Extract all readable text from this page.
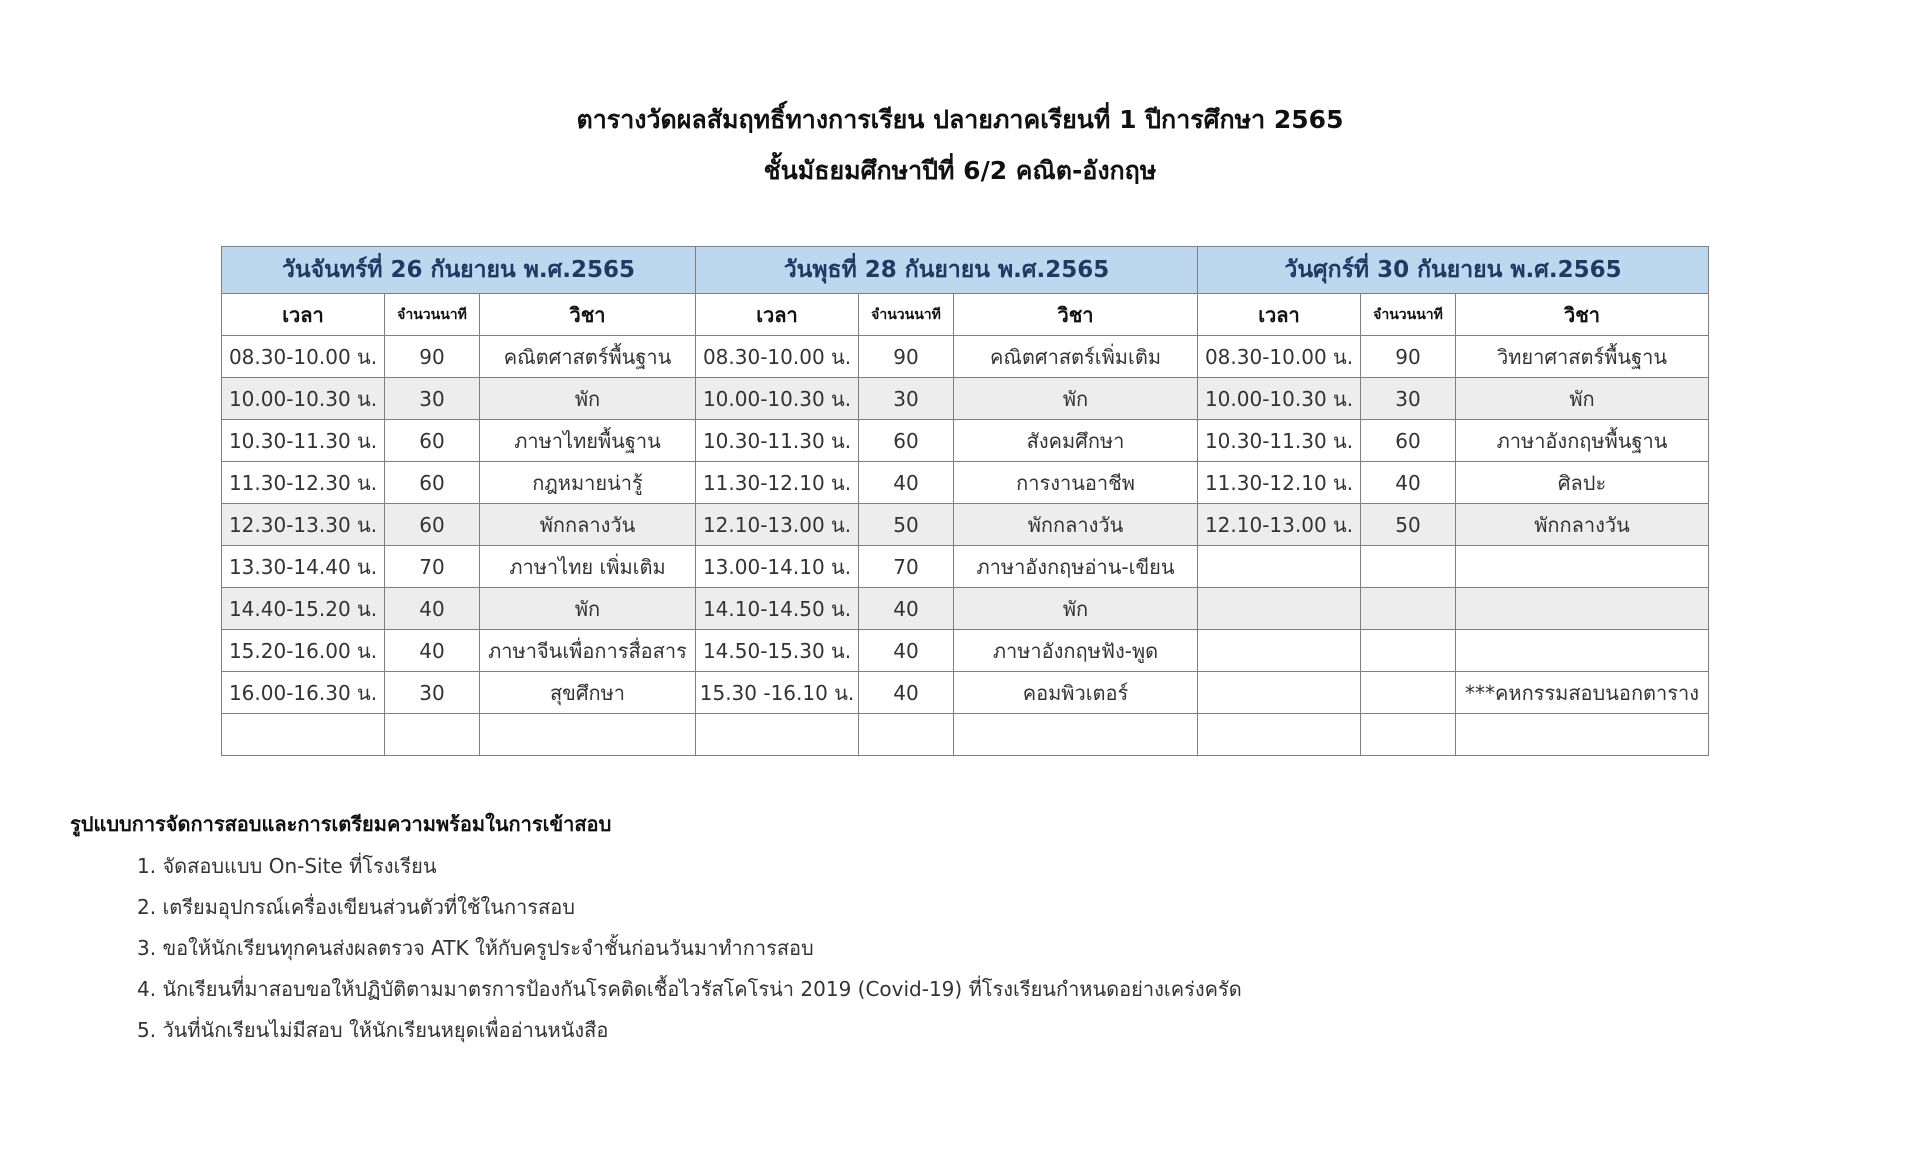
ตารางวัดผลสัมฤทธิ์ทางการเรียน ปลายภาคเรียนที่ 1 ปีการศึกษา 2565
ชั้นมัธยมศึกษาปีที่ 6/2 คณิต-อังกฤษ
วันจันทร์ที่ 26 กันยายน พ.ศ.2565			วันพุธที่ 28 กันยายน พ.ศ.2565			วันศุกร์ที่ 30 กันยายน พ.ศ.2565		
เวลา	จำนวนนาที	วิชา	เวลา	จำนวนนาที	วิชา	เวลา	จำนวนนาที	วิชา
08.30-10.00 น.	90	คณิตศาสตร์พื้นฐาน	08.30-10.00 น.	90	คณิตศาสตร์เพิ่มเติม	08.30-10.00 น.	90	วิทยาศาสตร์พื้นฐาน
10.00-10.30 น.	30	พัก	10.00-10.30 น.	30	พัก	10.00-10.30 น.	30	พัก
10.30-11.30 น.	60	ภาษาไทยพื้นฐาน	10.30-11.30 น.	60	สังคมศึกษา	10.30-11.30 น.	60	ภาษาอังกฤษพื้นฐาน
11.30-12.30 น.	60	กฎหมายน่ารู้	11.30-12.10 น.	40	การงานอาชีพ	11.30-12.10 น.	40	ศิลปะ
12.30-13.30 น.	60	พักกลางวัน	12.10-13.00 น.	50	พักกลางวัน	12.10-13.00 น.	50	พักกลางวัน
13.30-14.40 น.	70	ภาษาไทย เพิ่มเติม	13.00-14.10 น.	70	ภาษาอังกฤษอ่าน-เขียน			
14.40-15.20 น.	40	พัก	14.10-14.50 น.	40	พัก			
15.20-16.00 น.	40	ภาษาจีนเพื่อการสื่อสาร	14.50-15.30 น.	40	ภาษาอังกฤษฟัง-พูด			
16.00-16.30 น.	30	สุขศึกษา	15.30 -16.10 น.	40	คอมพิวเตอร์			***คหกรรมสอบนอกตาราง

รูปแบบการจัดการสอบและการเตรียมความพร้อมในการเข้าสอบ
1. จัดสอบแบบ On-Site ที่โรงเรียน
2. เตรียมอุปกรณ์เครื่องเขียนส่วนตัวที่ใช้ในการสอบ
3. ขอให้นักเรียนทุกคนส่งผลตรวจ ATK ให้กับครูประจำชั้นก่อนวันมาทำการสอบ
4. นักเรียนที่มาสอบขอให้ปฏิบัติตามมาตรการป้องกันโรคติดเชื้อไวรัสโคโรน่า 2019 (Covid-19) ที่โรงเรียนกำหนดอย่างเคร่งครัด
5. วันที่นักเรียนไม่มีสอบ ให้นักเรียนหยุดเพื่ออ่านหนังสือ
